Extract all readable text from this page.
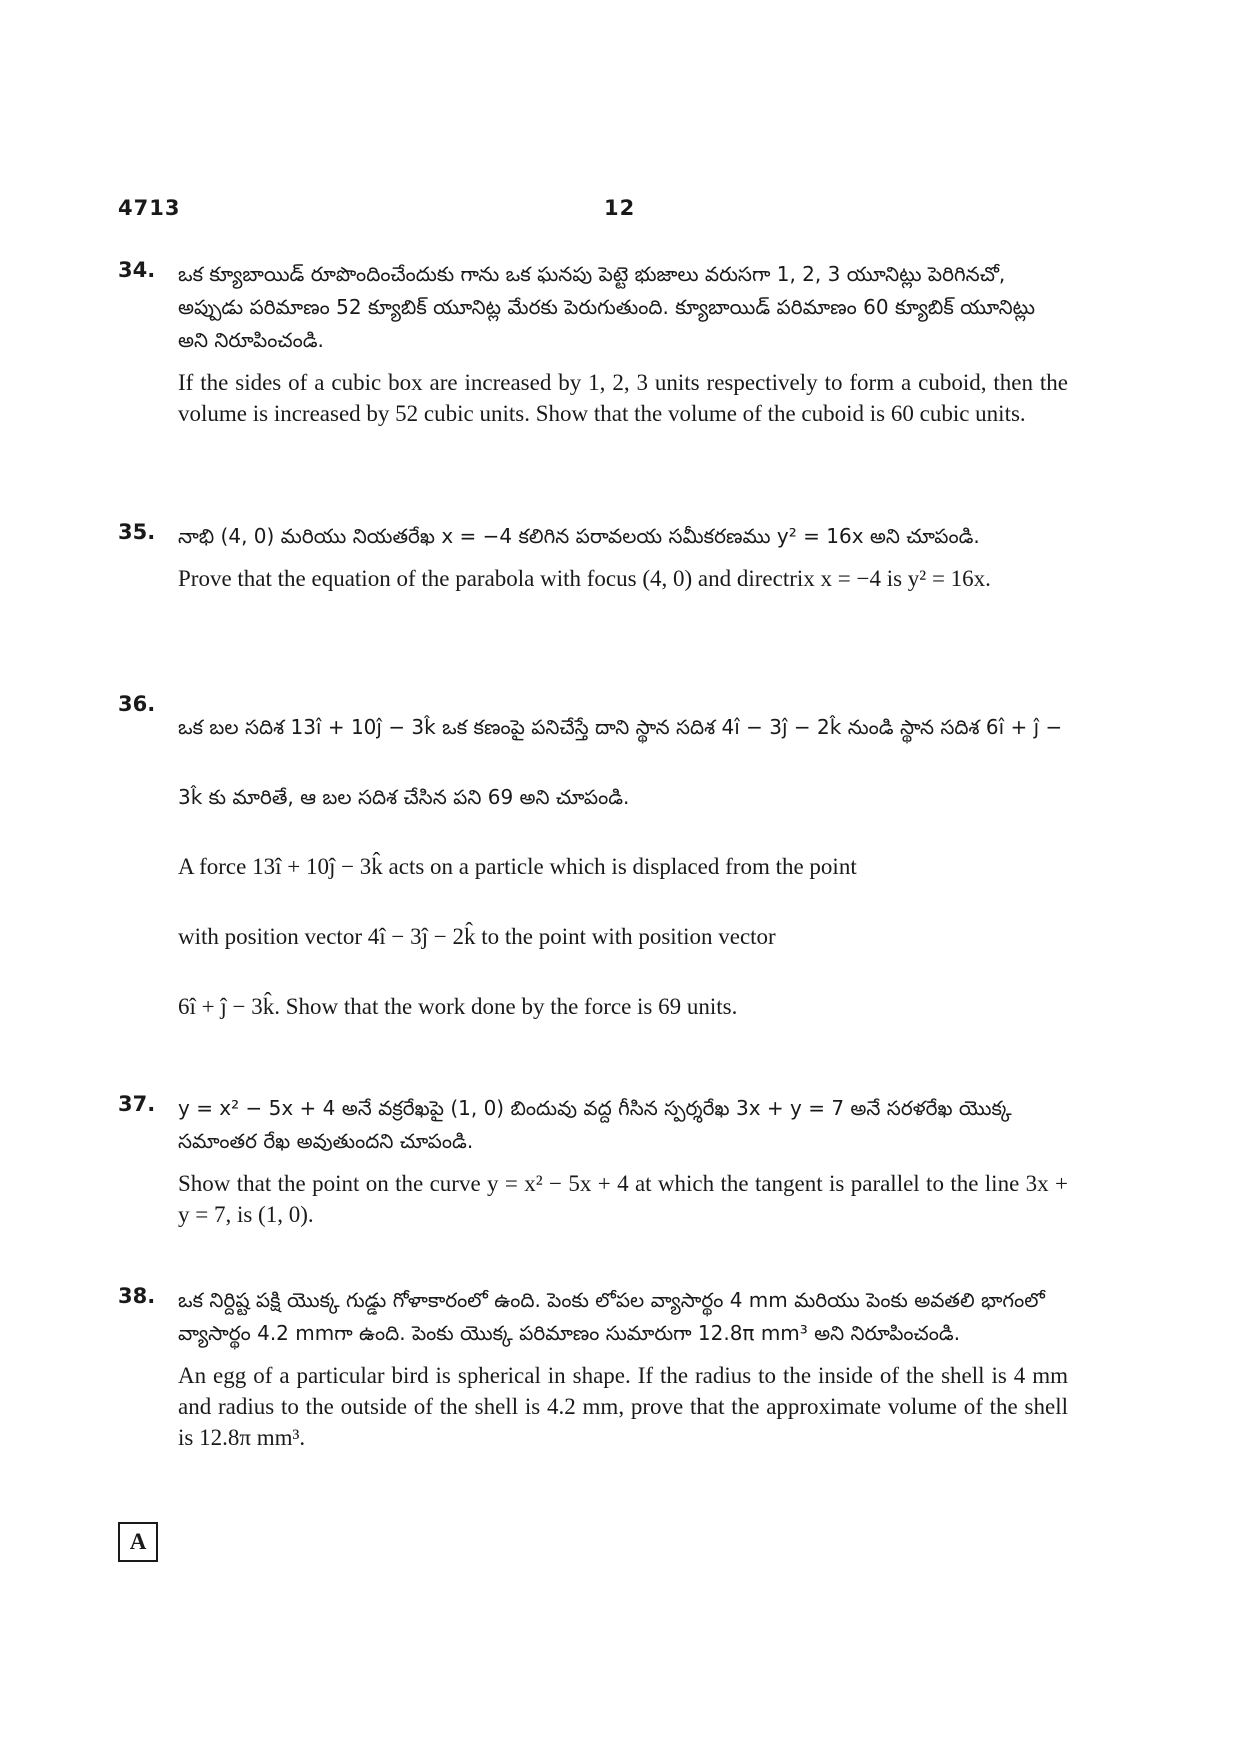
4713	12
34. ఒక క్యూబాయిడ్ రూపొందించేందుకు గాను ఒక ఘనపు పెట్టె భుజాలు వరుసగా 1, 2, 3 యూనిట్లు పెరిగినచో, అప్పుడు పరిమాణం 52 క్యూబిక్ యూనిట్ల మేరకు పెరుగుతుంది. క్యూబాయిడ్ పరిమాణం 60 క్యూబిక్ యూనిట్లు అని నిరూపించండి.
If the sides of a cubic box are increased by 1, 2, 3 units respectively to form a cuboid, then the volume is increased by 52 cubic units. Show that the volume of the cuboid is 60 cubic units.
35. నాభి (4, 0) మరియు నియతరేఖ x = −4 కలిగిన పరావలయ సమీకరణము y² = 16x అని చూపండి.
Prove that the equation of the parabola with focus (4, 0) and directrix x = −4 is y² = 16x.
36.
ఒక బల సదిశ 13î + 10ĵ − 3k̂ ఒక కణంపై పనిచేస్తే దాని స్థాన సదిశ 4î − 3ĵ − 2k̂ నుండి స్థాన సదిశ 6î + ĵ − 3k̂ కు మారితే, ఆ బల సదిశ చేసిన పని 69 అని చూపండి.
A force 13î + 10ĵ − 3k̂ acts on a particle which is displaced from the point
with position vector 4î − 3ĵ − 2k̂ to the point with position vector
6î + ĵ − 3k̂. Show that the work done by the force is 69 units.
37. y = x² − 5x + 4 అనే వక్రరేఖపై (1, 0) బిందువు వద్ద గీసిన స్పర్శరేఖ 3x + y = 7 అనే సరళరేఖ యొక్క సమాంతర రేఖ అవుతుందని చూపండి.
Show that the point on the curve y = x² − 5x + 4 at which the tangent is parallel to the line 3x + y = 7, is (1, 0).
38. ఒక నిర్దిష్ట పక్షి యొక్క గుడ్డు గోళాకారంలో ఉంది. పెంకు లోపల వ్యాసార్థం 4 mm మరియు పెంకు అవతలి భాగంలో వ్యాసార్థం 4.2 mmగా ఉంది. పెంకు యొక్క పరిమాణం సుమారుగా 12.8π mm³ అని నిరూపించండి.
An egg of a particular bird is spherical in shape. If the radius to the inside of the shell is 4 mm and radius to the outside of the shell is 4.2 mm, prove that the approximate volume of the shell is 12.8π mm³.
A
